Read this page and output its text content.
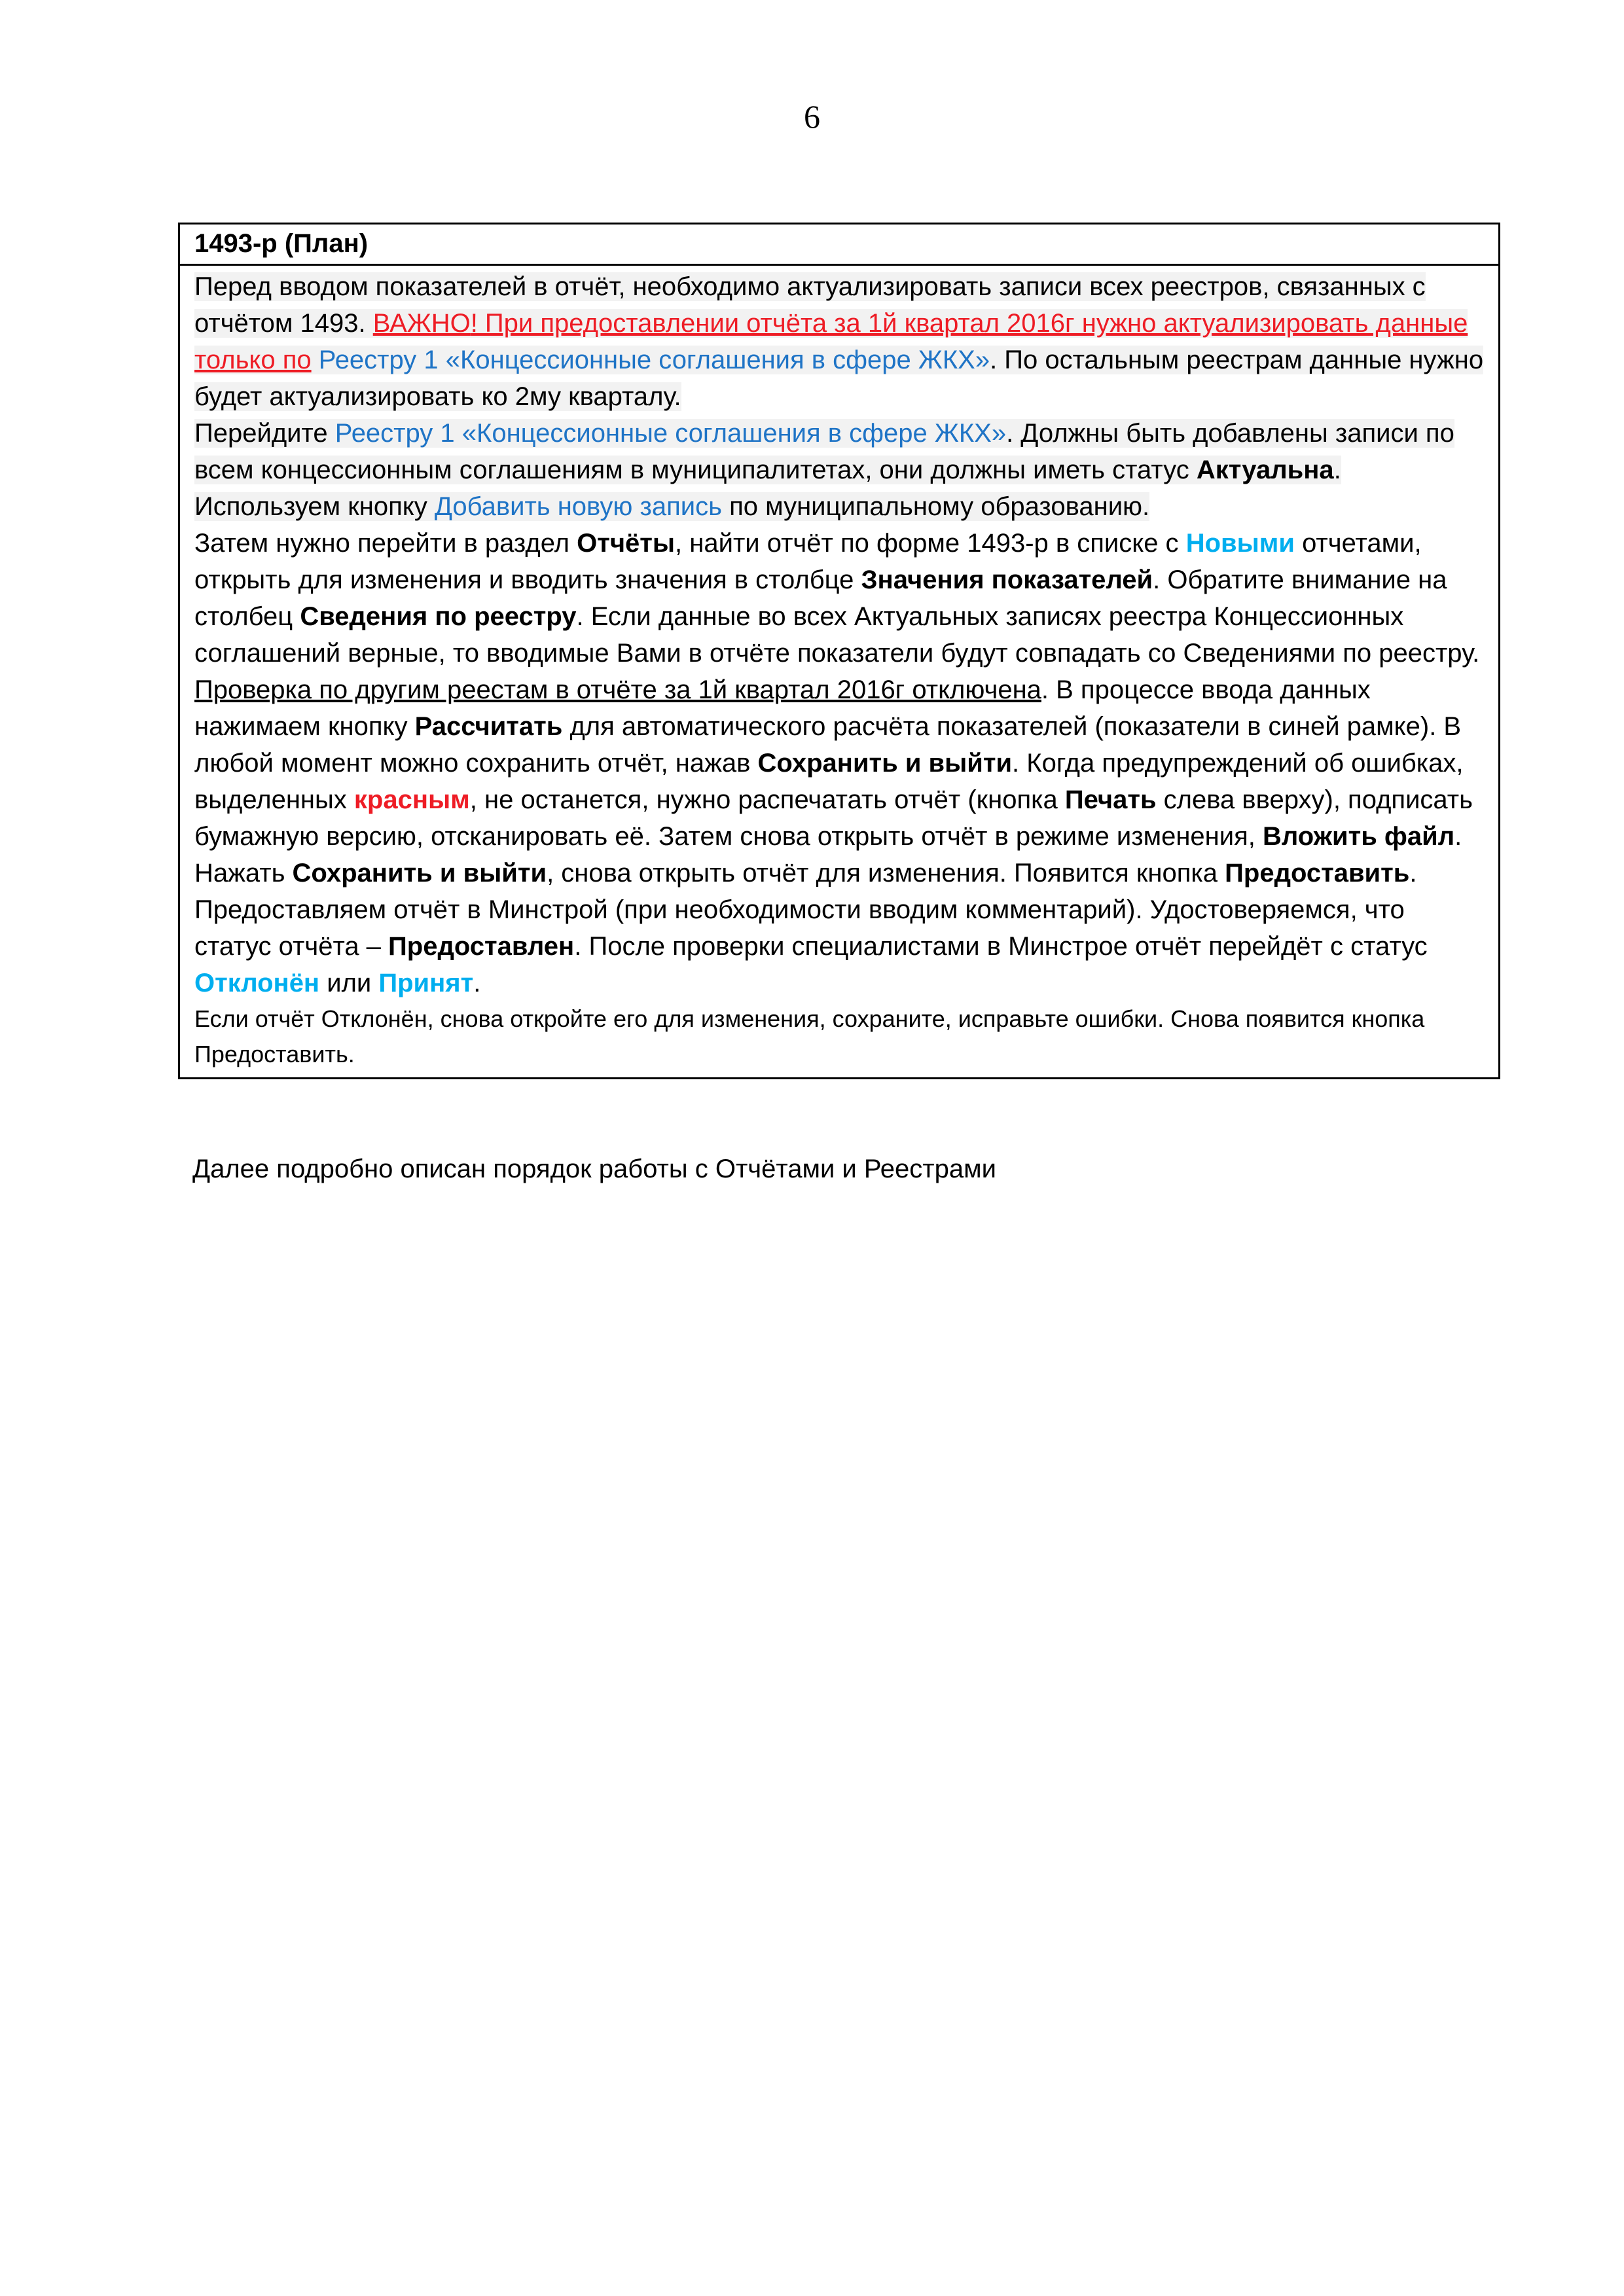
6
1493-р (План)

Перед вводом показателей в отчёт, необходимо актуализировать записи всех реестров, связанных с отчётом 1493. ВАЖНО! При предоставлении отчёта за 1й квартал 2016г нужно актуализировать данные только по Реестру 1 «Концессионные соглашения в сфере ЖКХ». По остальным реестрам данные нужно будет актуализировать ко 2му кварталу.

Перейдите Реестру 1 «Концессионные соглашения в сфере ЖКХ». Должны быть добавлены записи по всем концессионным соглашениям в муниципалитетах, они должны иметь статус Актуальна.

Используем кнопку Добавить новую запись по муниципальному образованию.

Затем нужно перейти в раздел Отчёты, найти отчёт по форме 1493-р в списке с Новыми отчетами, открыть для изменения и вводить значения в столбце Значения показателей. Обратите внимание на столбец Сведения по реестру. Если данные во всех Актуальных записях реестра Концессионных соглашений верные, то вводимые Вами в отчёте показатели будут совпадать со Сведениями по реестру. Проверка по другим реестам в отчёте за 1й квартал 2016г отключена. В процессе ввода данных нажимаем кнопку Рассчитать для автоматического расчёта показателей (показатели в синей рамке). В любой момент можно сохранить отчёт, нажав Сохранить и выйти. Когда предупреждений об ошибках, выделенных красным, не останется, нужно распечатать отчёт (кнопка Печать слева вверху), подписать бумажную версию, отсканировать её. Затем снова открыть отчёт в режиме изменения, Вложить файл. Нажать Сохранить и выйти, снова открыть отчёт для изменения. Появится кнопка Предоставить. Предоставляем отчёт в Минстрой (при необходимости вводим комментарий). Удостоверяемся, что статус отчёта – Предоставлен. После проверки специалистами в Минстрое отчёт перейдёт с статус Отклонён или Принят.

Если отчёт Отклонён, снова откройте его для изменения, сохраните, исправьте ошибки. Снова появится кнопка Предоставить.

Далее подробно описан порядок работы с Отчётами и Реестрами
